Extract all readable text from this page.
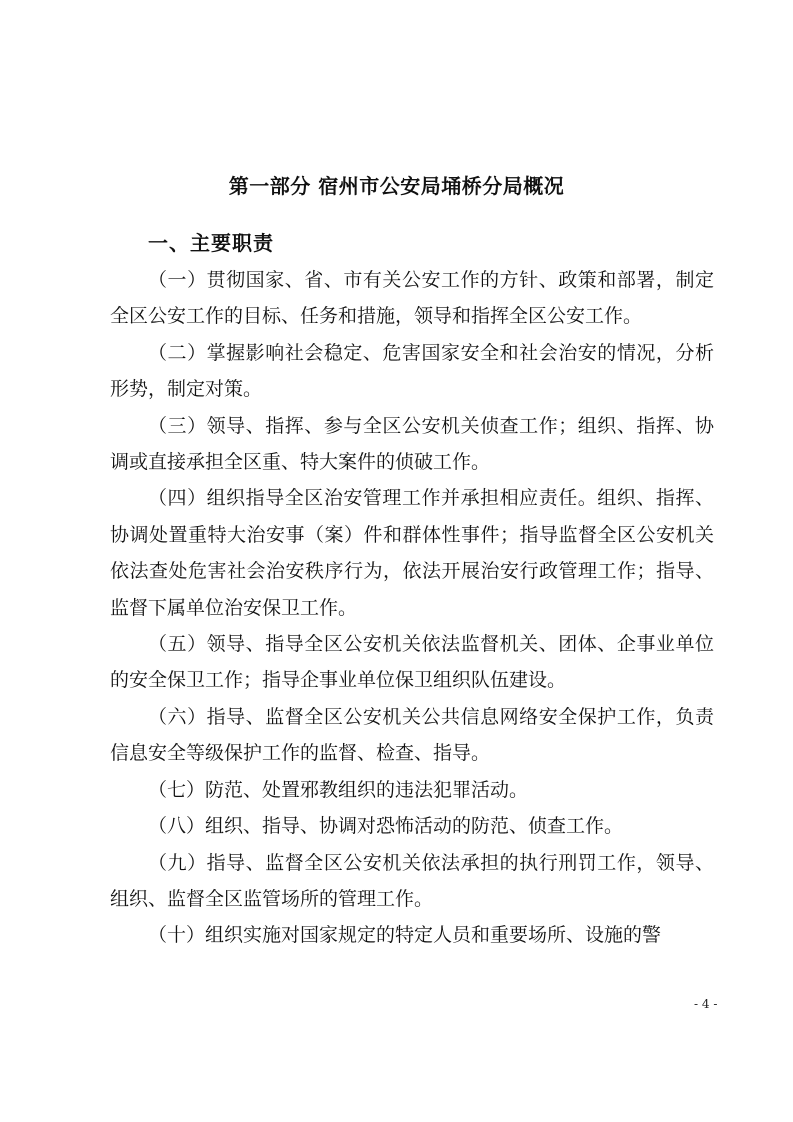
第一部分 宿州市公安局埇桥分局概况
一、主要职责

（一）贯彻国家、省、市有关公安工作的方针、政策和部署，制定全区公安工作的目标、任务和措施，领导和指挥全区公安工作。

（二）掌握影响社会稳定、危害国家安全和社会治安的情况，分析形势，制定对策。

（三）领导、指挥、参与全区公安机关侦查工作；组织、指挥、协调或直接承担全区重、特大案件的侦破工作。

（四）组织指导全区治安管理工作并承担相应责任。组织、指挥、协调处置重特大治安事（案）件和群体性事件；指导监督全区公安机关依法查处危害社会治安秩序行为，依法开展治安行政管理工作；指导、监督下属单位治安保卫工作。

（五）领导、指导全区公安机关依法监督机关、团体、企事业单位的安全保卫工作；指导企事业单位保卫组织队伍建设。

（六）指导、监督全区公安机关公共信息网络安全保护工作，负责信息安全等级保护工作的监督、检查、指导。

（七）防范、处置邪教组织的违法犯罪活动。

（八）组织、指导、协调对恐怖活动的防范、侦查工作。

（九）指导、监督全区公安机关依法承担的执行刑罚工作，领导、组织、监督全区监管场所的管理工作。

（十）组织实施对国家规定的特定人员和重要场所、设施的警

- 4 -
